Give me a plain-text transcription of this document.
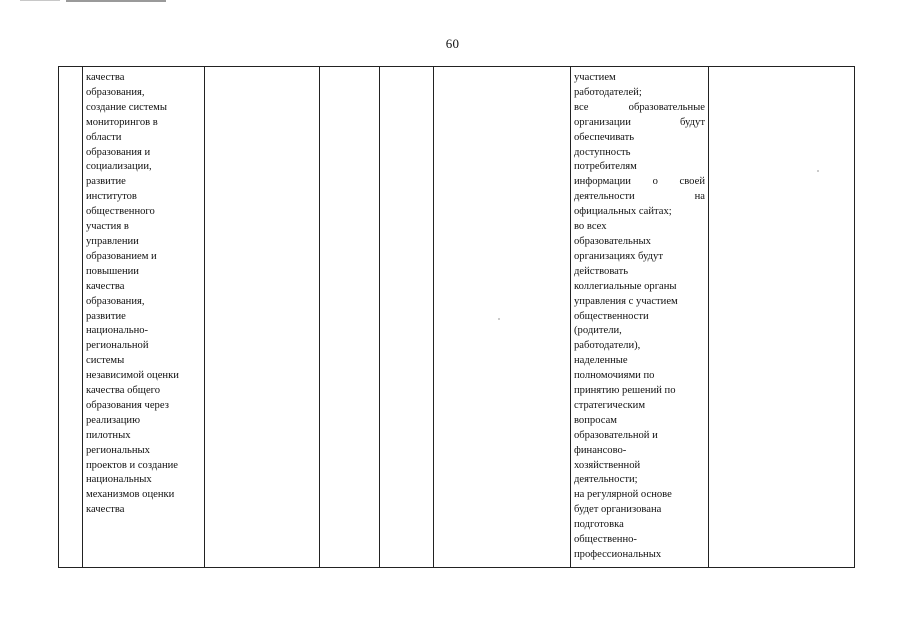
60

качества
образования,
создание системы
мониторингов в
области
образования и
социализации,
развитие
институтов
общественного
участия в
управлении
образованием и
повышении
качества
образования,
развитие
национально-
региональной
системы
независимой оценки
качества общего
образования через
реализацию
пилотных
региональных
проектов и создание
национальных
механизмов оценки
качества

участием
работодателей;
все образовательные
организации будут
обеспечивать
доступность
потребителям
информации о своей
деятельности на
официальных сайтах;
во всех
образовательных
организациях будут
действовать
коллегиальные органы
управления с участием
общественности
(родители,
работодатели),
наделенные
полномочиями по
принятию решений по
стратегическим
вопросам
образовательной и
финансово-
хозяйственной
деятельности;
на регулярной основе
будет организована
подготовка
общественно-
профессиональных
